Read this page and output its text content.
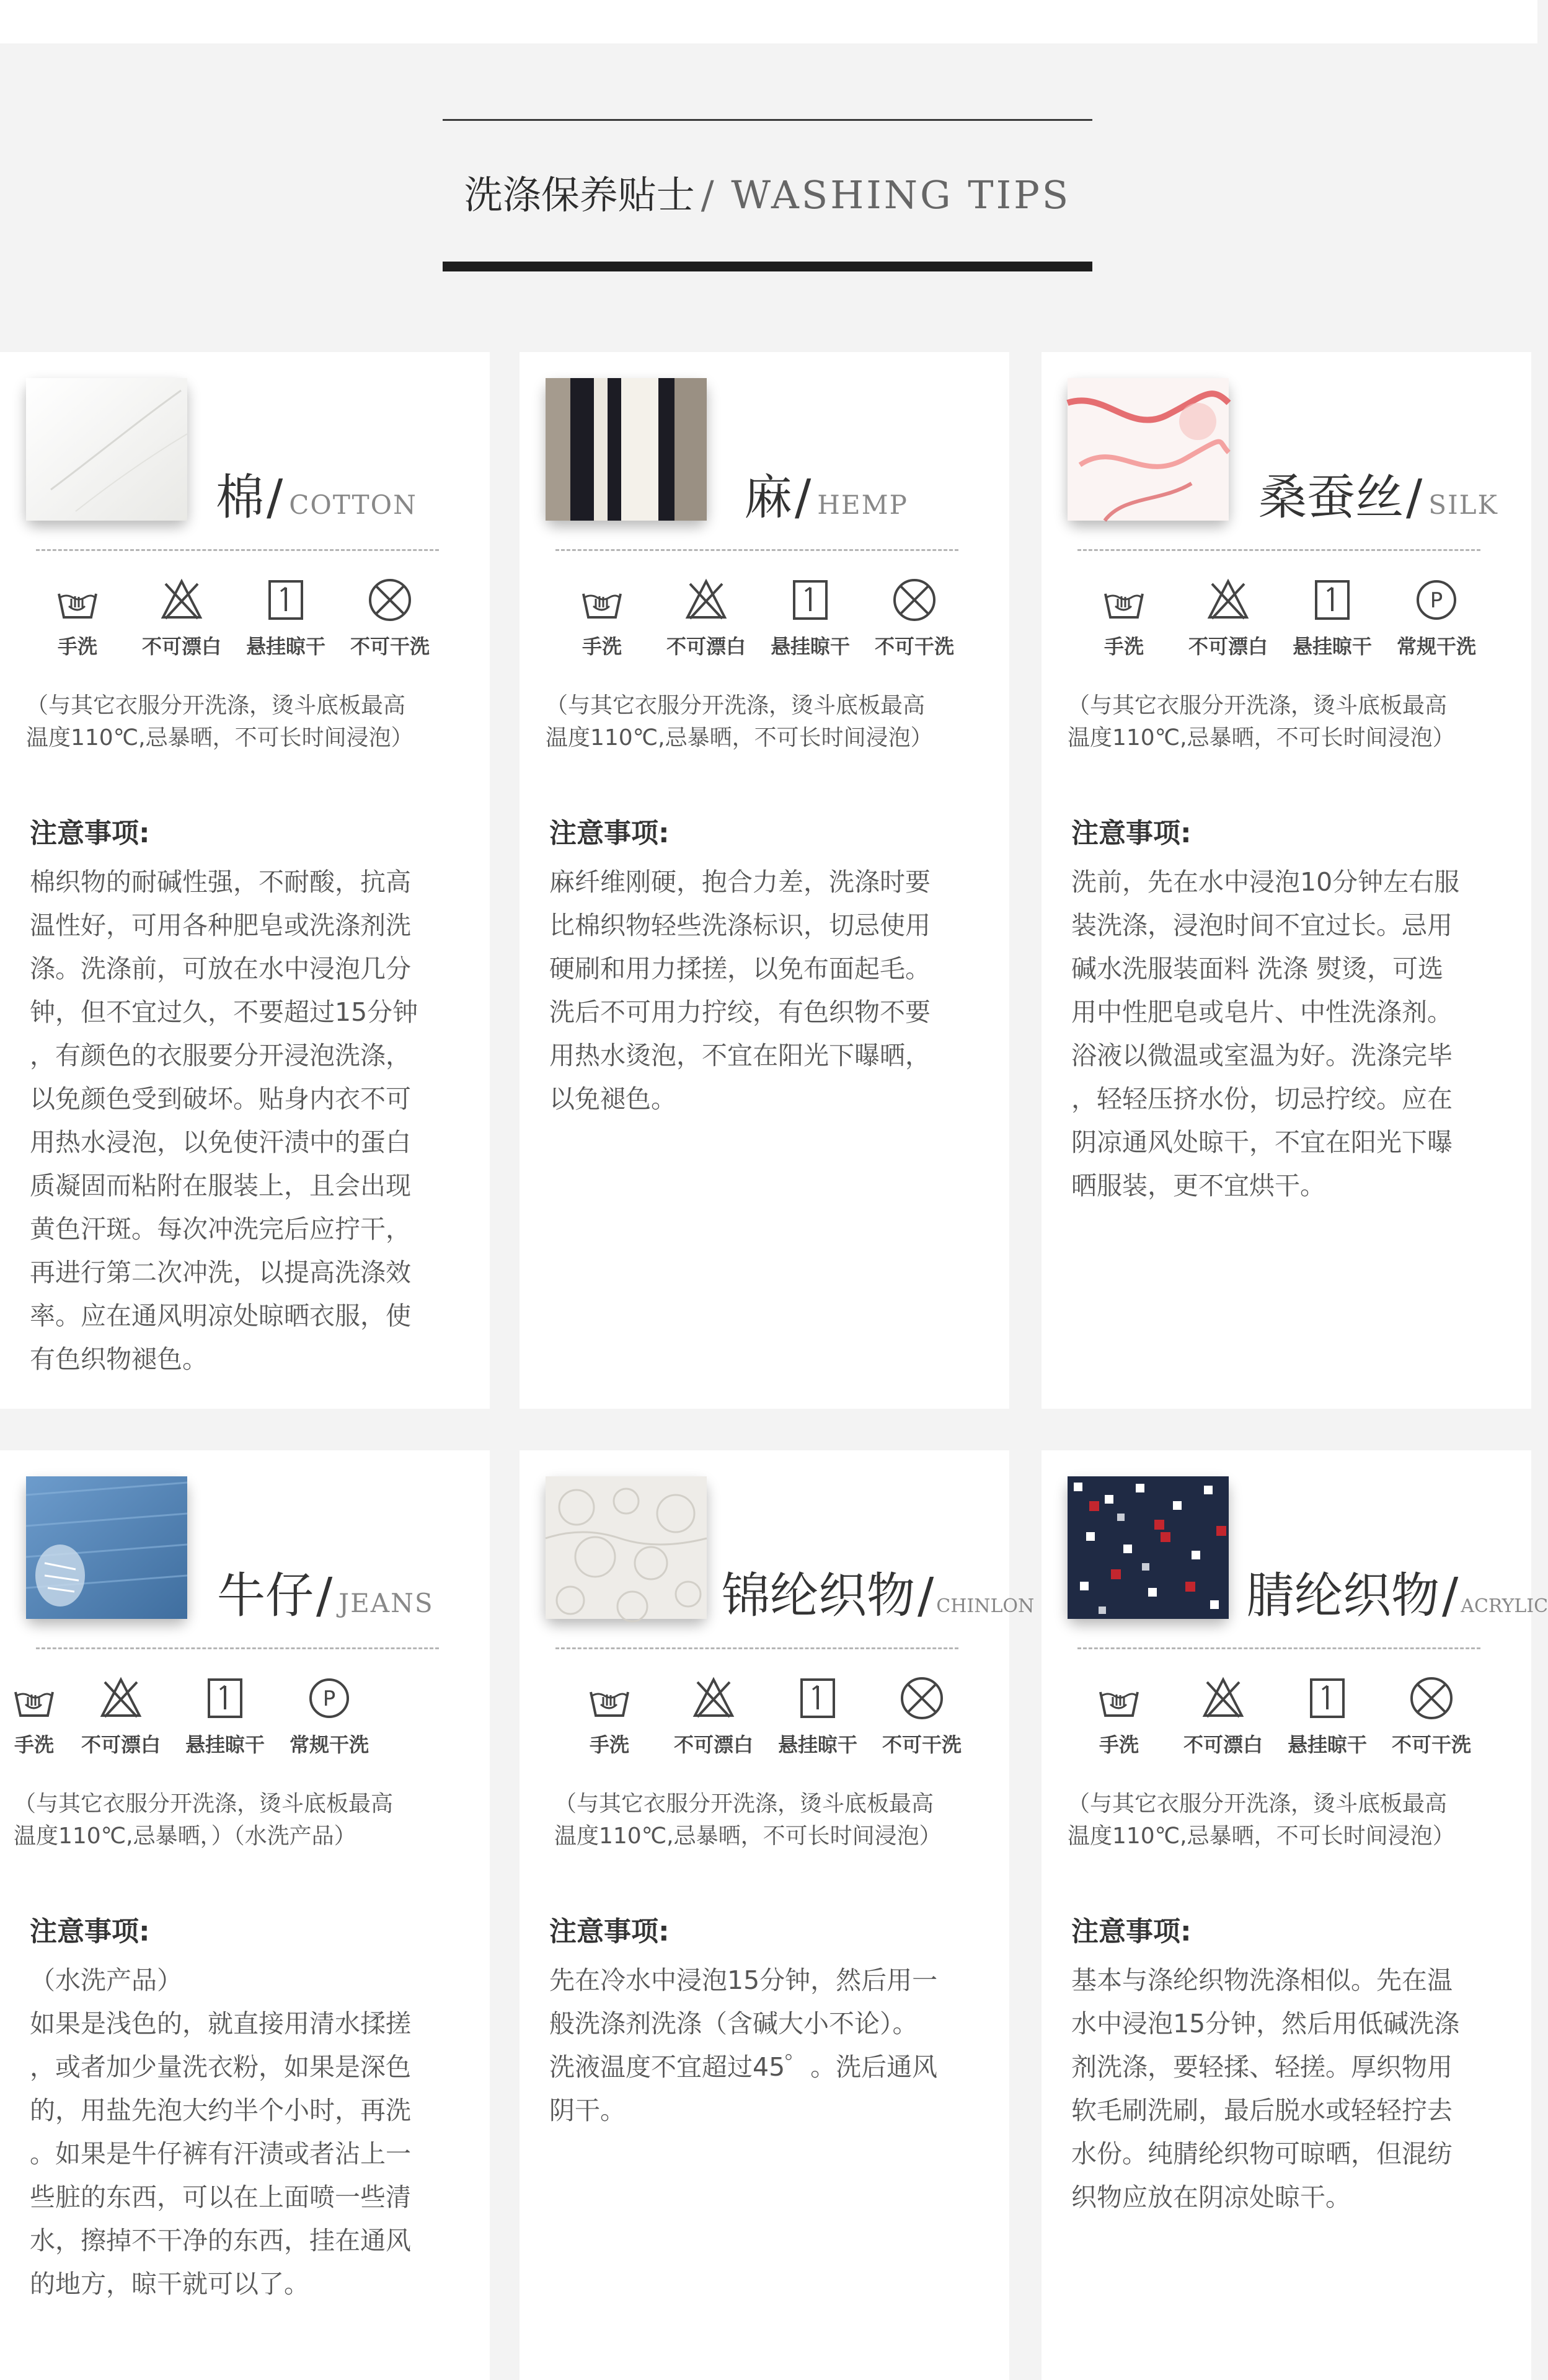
洗涤保养贴士 / WASHING TIPS
棉/ COTTON
手洗	不可漂白	悬挂晾干	不可干洗
（与其它衣服分开洗涤，烫斗底板最高
温度110℃,忌暴晒，不可长时间浸泡）
注意事项:
棉织物的耐碱性强，不耐酸，抗高
温性好，可用各种肥皂或洗涤剂洗
涤。洗涤前，可放在水中浸泡几分
钟，但不宜过久，不要超过15分钟
，有颜色的衣服要分开浸泡洗涤，
以免颜色受到破坏。贴身内衣不可
用热水浸泡，以免使汗渍中的蛋白
质凝固而粘附在服装上，且会出现
黄色汗斑。每次冲洗完后应拧干，
再进行第二次冲洗，以提高洗涤效
率。应在通风明凉处晾晒衣服，使
有色织物褪色。
麻/ HEMP
手洗	不可漂白	悬挂晾干	不可干洗
（与其它衣服分开洗涤，烫斗底板最高
温度110℃,忌暴晒，不可长时间浸泡）
注意事项:
麻纤维刚硬，抱合力差，洗涤时要
比棉织物轻些洗涤标识，切忌使用
硬刷和用力揉搓，以免布面起毛。
洗后不可用力拧绞，有色织物不要
用热水烫泡，不宜在阳光下曝晒，
以免褪色。
桑蚕丝/ SILK
手洗	不可漂白	悬挂晾干
P
常规干洗
（与其它衣服分开洗涤，烫斗底板最高
温度110℃,忌暴晒，不可长时间浸泡）
注意事项:
洗前，先在水中浸泡10分钟左右服
装洗涤，浸泡时间不宜过长。忌用
碱水洗服装面料 洗涤 熨烫，可选
用中性肥皂或皂片、中性洗涤剂。
浴液以微温或室温为好。洗涤完毕
，轻轻压挤水份，切忌拧绞。应在
阴凉通风处晾干，不宜在阳光下曝
晒服装，更不宜烘干。
牛仔/ JEANS
手洗	不可漂白	悬挂晾干
P
常规干洗
（与其它衣服分开洗涤，烫斗底板最高
温度110℃,忌暴晒，）（水洗产品）
注意事项:
（水洗产品）
如果是浅色的，就直接用清水揉搓
，或者加少量洗衣粉，如果是深色
的，用盐先泡大约半个小时，再洗
。如果是牛仔裤有汗渍或者沾上一
些脏的东西，可以在上面喷一些清
水，擦掉不干净的东西，挂在通风
的地方，晾干就可以了。
锦纶织物/ CHINLON
手洗	不可漂白	悬挂晾干	不可干洗
（与其它衣服分开洗涤，烫斗底板最高
温度110℃,忌暴晒，不可长时间浸泡）
注意事项:
先在冷水中浸泡15分钟，然后用一
般洗涤剂洗涤（含碱大小不论）。
洗液温度不宜超过45゜。洗后通风
阴干。
腈纶织物/ ACRYLIC
手洗	不可漂白	悬挂晾干	不可干洗
（与其它衣服分开洗涤，烫斗底板最高
温度110℃,忌暴晒，不可长时间浸泡）
注意事项:
基本与涤纶织物洗涤相似。先在温
水中浸泡15分钟，然后用低碱洗涤
剂洗涤，要轻揉、轻搓。厚织物用
软毛刷洗刷，最后脱水或轻轻拧去
水份。纯腈纶织物可晾晒，但混纺
织物应放在阴凉处晾干。
